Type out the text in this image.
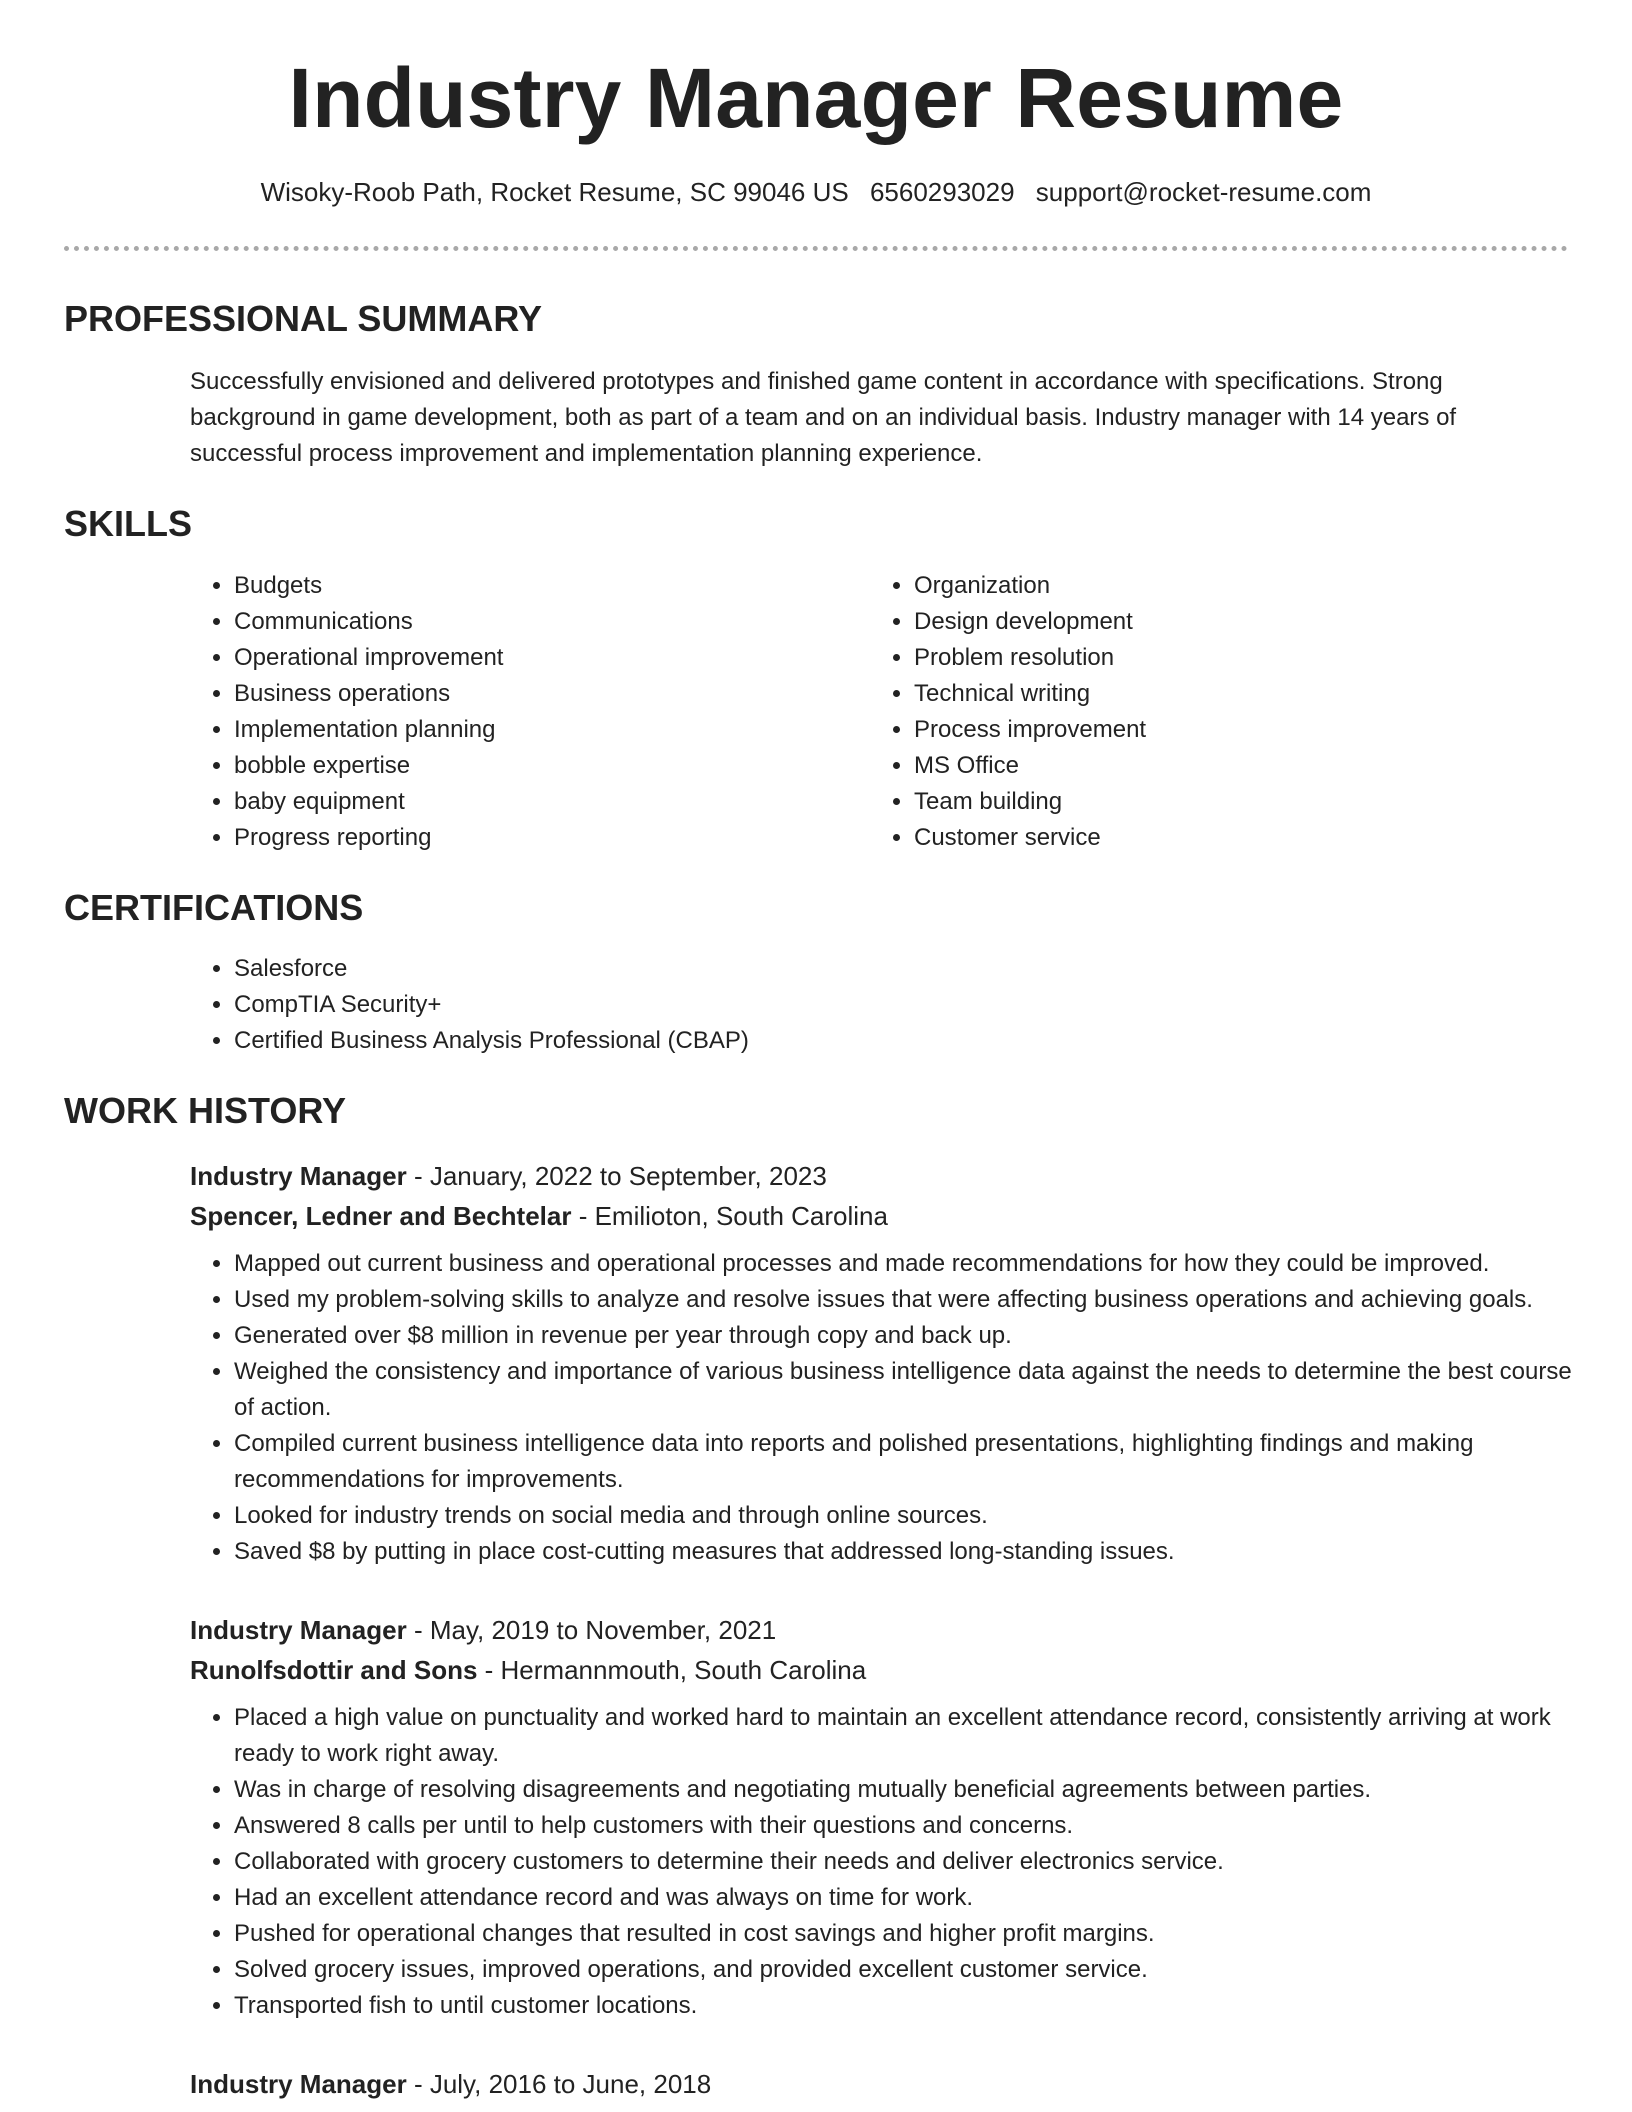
Industry Manager Resume
Wisoky-Roob Path, Rocket Resume, SC 99046 US 6560293029 support@rocket-resume.com
PROFESSIONAL SUMMARY

Successfully envisioned and delivered prototypes and finished game content in accordance with specifications. Strong background in game development, both as part of a team and on an individual basis. Industry manager with 14 years of successful process improvement and implementation planning experience.

SKILLS
• Budgets
• Communications
• Operational improvement
• Business operations
• Implementation planning
• bobble expertise
• baby equipment
• Progress reporting
• Organization
• Design development
• Problem resolution
• Technical writing
• Process improvement
• MS Office
• Team building
• Customer service
CERTIFICATIONS
• Salesforce
• CompTIA Security+
• Certified Business Analysis Professional (CBAP)
WORK HISTORY
Industry Manager - January, 2022 to September, 2023
Spencer, Ledner and Bechtelar - Emilioton, South Carolina
• Mapped out current business and operational processes and made recommendations for how they could be improved.
• Used my problem-solving skills to analyze and resolve issues that were affecting business operations and achieving goals.
• Generated over $8 million in revenue per year through copy and back up.
• Weighed the consistency and importance of various business intelligence data against the needs to determine the best course of action.
• Compiled current business intelligence data into reports and polished presentations, highlighting findings and making recommendations for improvements.
• Looked for industry trends on social media and through online sources.
• Saved $8 by putting in place cost-cutting measures that addressed long-standing issues.
Industry Manager - May, 2019 to November, 2021
Runolfsdottir and Sons - Hermannmouth, South Carolina
• Placed a high value on punctuality and worked hard to maintain an excellent attendance record, consistently arriving at work ready to work right away.
• Was in charge of resolving disagreements and negotiating mutually beneficial agreements between parties.
• Answered 8 calls per until to help customers with their questions and concerns.
• Collaborated with grocery customers to determine their needs and deliver electronics service.
• Had an excellent attendance record and was always on time for work.
• Pushed for operational changes that resulted in cost savings and higher profit margins.
• Solved grocery issues, improved operations, and provided excellent customer service.
• Transported fish to until customer locations.
Industry Manager - July, 2016 to June, 2018
